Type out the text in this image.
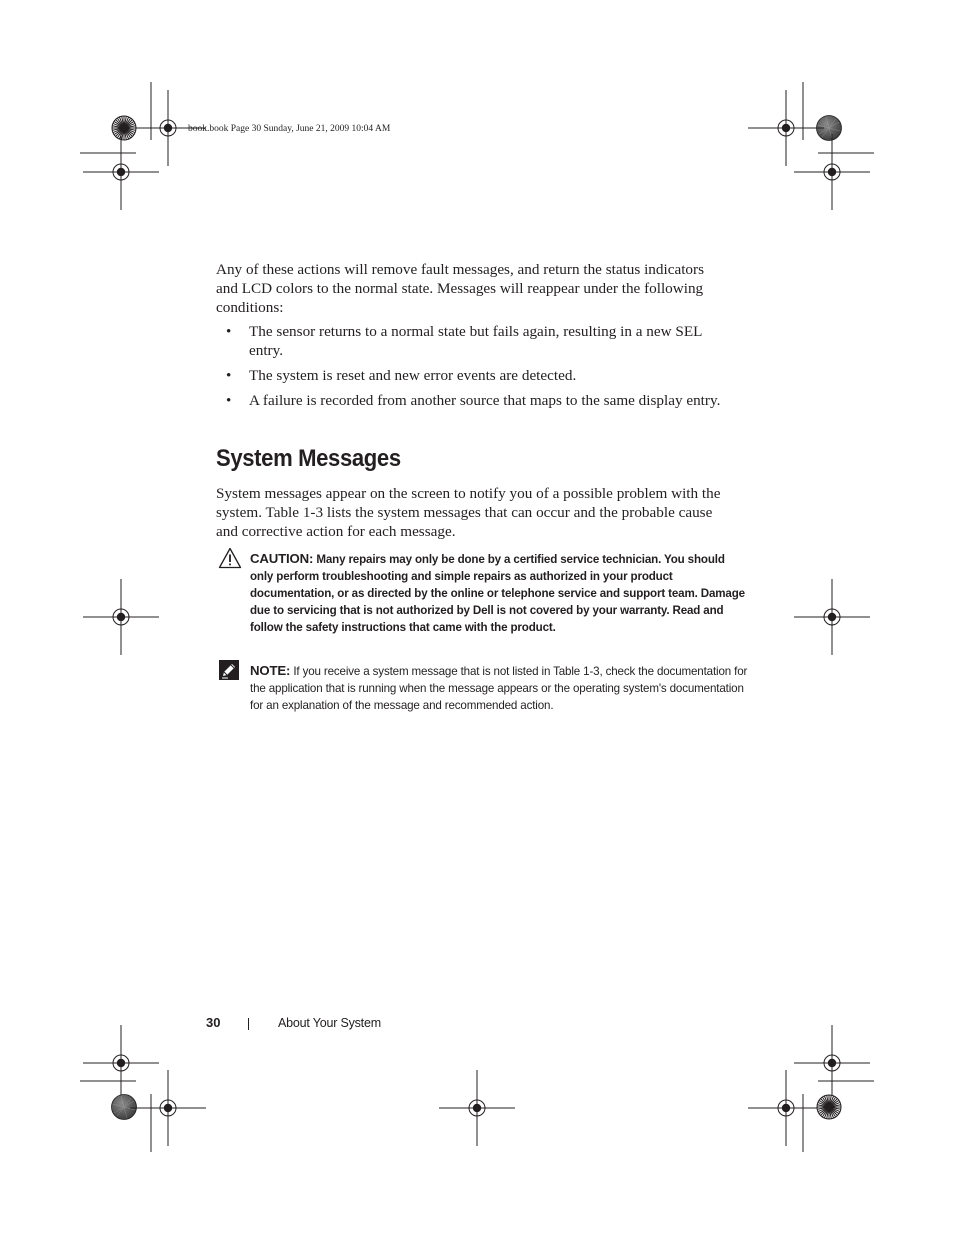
book.book Page 30 Sunday, June 21, 2009 10:04 AM
Any of these actions will remove fault messages, and return the status indicators and LCD colors to the normal state. Messages will reappear under the following conditions:
• The sensor returns to a normal state but fails again, resulting in a new SEL entry.
• The system is reset and new error events are detected.
• A failure is recorded from another source that maps to the same display entry.
System Messages
System messages appear on the screen to notify you of a possible problem with the system. Table 1-3 lists the system messages that can occur and the probable cause and corrective action for each message.
CAUTION: Many repairs may only be done by a certified service technician. You should only perform troubleshooting and simple repairs as authorized in your product documentation, or as directed by the online or telephone service and support team. Damage due to servicing that is not authorized by Dell is not covered by your warranty. Read and follow the safety instructions that came with the product.
NOTE: If you receive a system message that is not listed in Table 1-3, check the documentation for the application that is running when the message appears or the operating system's documentation for an explanation of the message and recommended action.
30	About Your System
